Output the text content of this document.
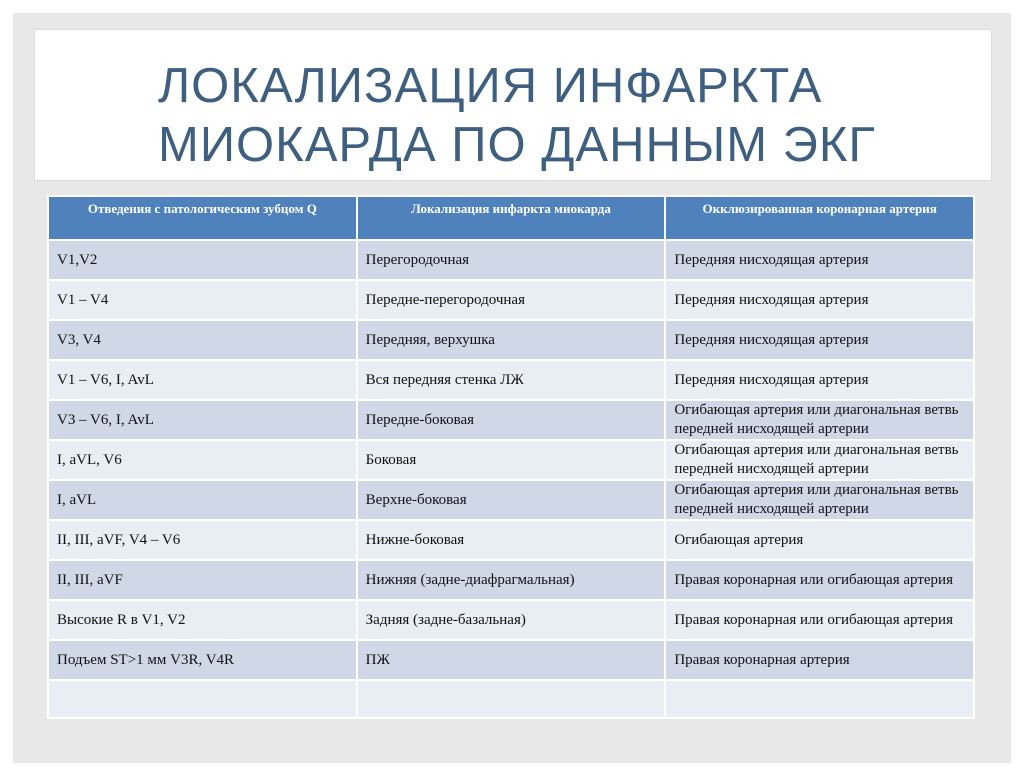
ЛОКАЛИЗАЦИЯ ИНФАРКТА
МИОКАРДА ПО ДАННЫМ ЭКГ
Отведения с патологическим зубцом Q	Локализация инфаркта миокарда	Окклюзированная коронарная артерия
V1,V2	Перегородочная	Передняя нисходящая артерия
V1 – V4	Передне-перегородочная	Передняя нисходящая артерия
V3, V4	Передняя, верхушка	Передняя нисходящая артерия
V1 – V6, I, AvL	Вся передняя стенка ЛЖ	Передняя нисходящая артерия
V3 – V6, I, AvL	Передне-боковая	Огибающая артерия или диагональная ветвь передней нисходящей артерии
I, aVL, V6	Боковая	Огибающая артерия или диагональная ветвь передней нисходящей артерии
I, aVL	Верхне-боковая	Огибающая артерия или диагональная ветвь передней нисходящей артерии
II, III, aVF, V4 – V6	Нижне-боковая	Огибающая артерия
II, III, aVF	Нижняя (задне-диафрагмальная)	Правая коронарная или огибающая артерия
Высокие R в V1, V2	Задняя (задне-базальная)	Правая коронарная или огибающая артерия
Подъем ST>1 мм V3R, V4R	ПЖ	Правая коронарная артерия
